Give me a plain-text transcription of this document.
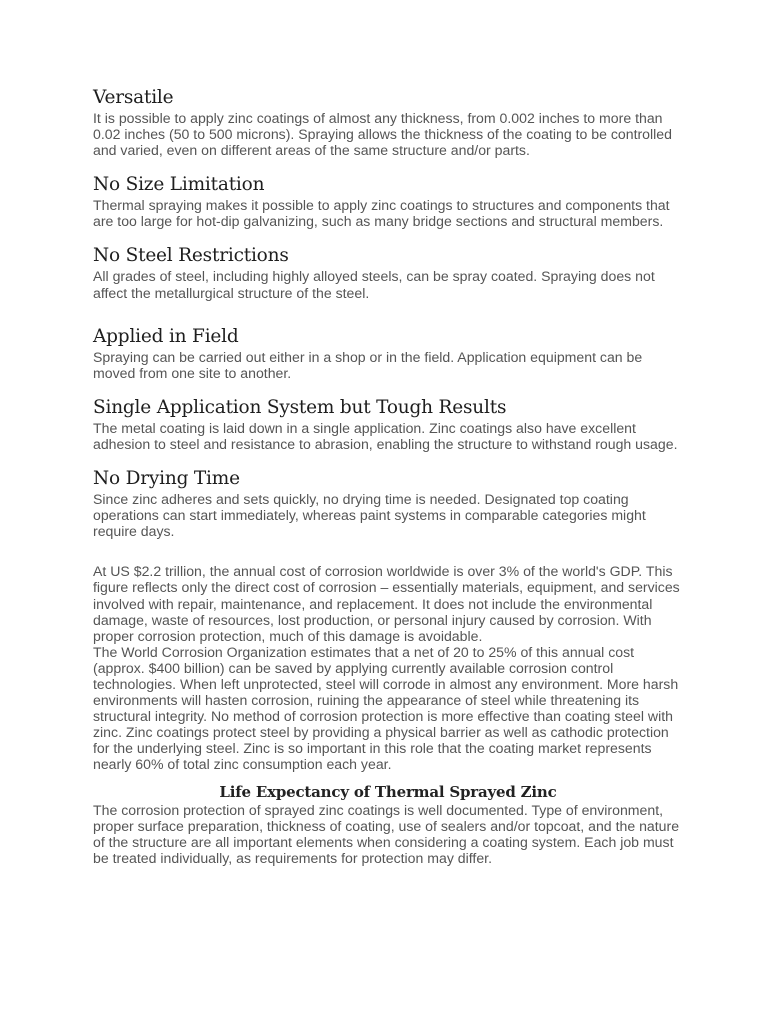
Versatile

It is possible to apply zinc coatings of almost any thickness, from 0.002 inches to more than 0.02 inches (50 to 500 microns). Spraying allows the thickness of the coating to be controlled and varied, even on different areas of the same structure and/or parts.

No Size Limitation

Thermal spraying makes it possible to apply zinc coatings to structures and components that are too large for hot-dip galvanizing, such as many bridge sections and structural members.

No Steel Restrictions

All grades of steel, including highly alloyed steels, can be spray coated. Spraying does not affect the metallurgical structure of the steel.

Applied in Field

Spraying can be carried out either in a shop or in the field. Application equipment can be moved from one site to another.

Single Application System but Tough Results

The metal coating is laid down in a single application. Zinc coatings also have excellent adhesion to steel and resistance to abrasion, enabling the structure to withstand rough usage.

No Drying Time

Since zinc adheres and sets quickly, no drying time is needed. Designated top coating operations can start immediately, whereas paint systems in comparable categories might require days.

At US $2.2 trillion, the annual cost of corrosion worldwide is over 3% of the world's GDP. This figure reflects only the direct cost of corrosion – essentially materials, equipment, and services involved with repair, maintenance, and replacement. It does not include the environmental damage, waste of resources, lost production, or personal injury caused by corrosion. With proper corrosion protection, much of this damage is avoidable.

The World Corrosion Organization estimates that a net of 20 to 25% of this annual cost (approx. $400 billion) can be saved by applying currently available corrosion control technologies. When left unprotected, steel will corrode in almost any environment. More harsh environments will hasten corrosion, ruining the appearance of steel while threatening its structural integrity. No method of corrosion protection is more effective than coating steel with zinc. Zinc coatings protect steel by providing a physical barrier as well as cathodic protection for the underlying steel. Zinc is so important in this role that the coating market represents nearly 60% of total zinc consumption each year.

Life Expectancy of Thermal Sprayed Zinc

The corrosion protection of sprayed zinc coatings is well documented. Type of environment, proper surface preparation, thickness of coating, use of sealers and/or topcoat, and the nature of the structure are all important elements when considering a coating system. Each job must be treated individually, as requirements for protection may differ.
